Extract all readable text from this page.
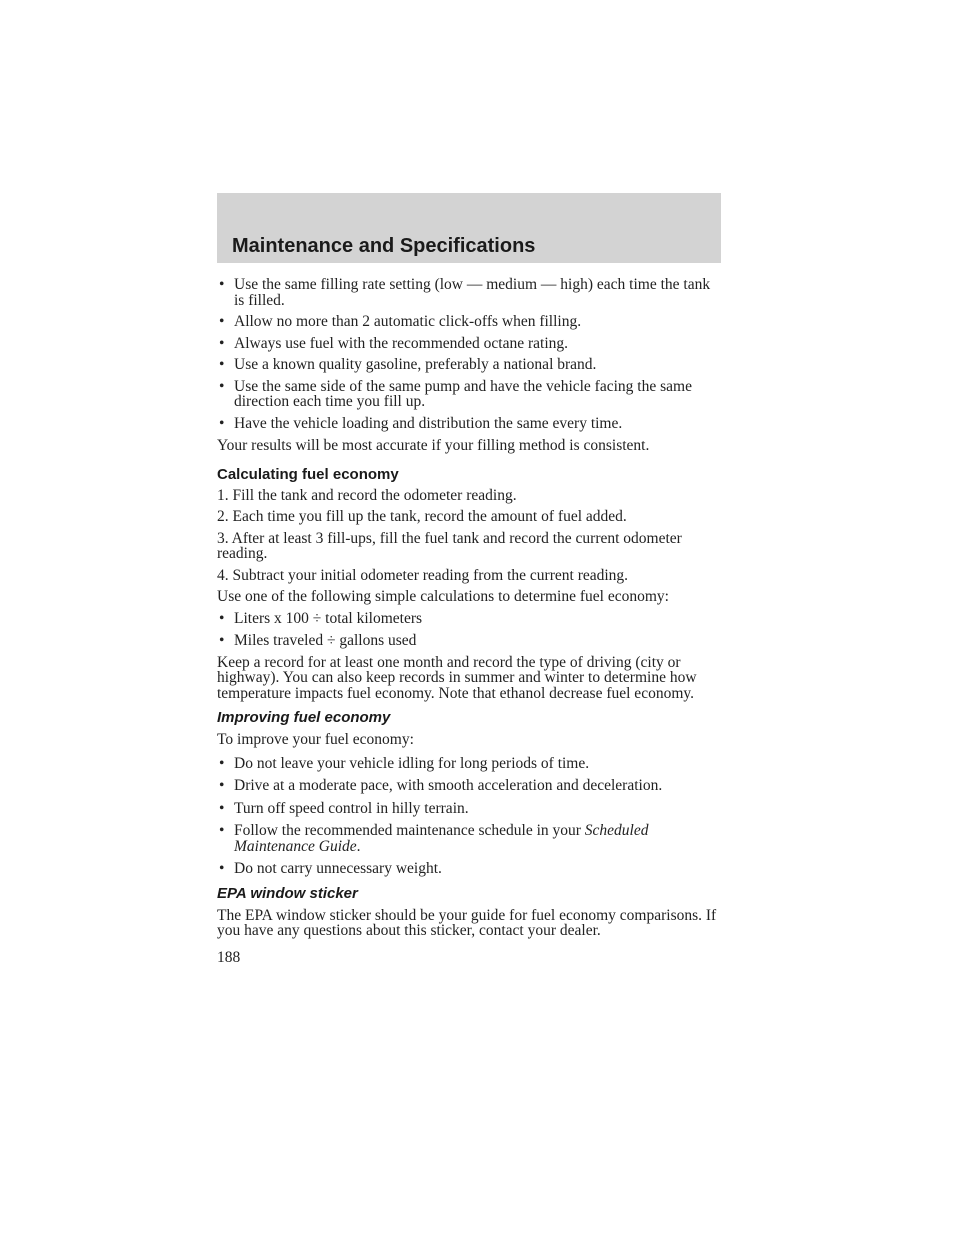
Maintenance and Specifications
• Use the same filling rate setting (low — medium — high) each time the tank is filled.
• Allow no more than 2 automatic click-offs when filling.
• Always use fuel with the recommended octane rating.
• Use a known quality gasoline, preferably a national brand.
• Use the same side of the same pump and have the vehicle facing the same direction each time you fill up.
• Have the vehicle loading and distribution the same every time.

Your results will be most accurate if your filling method is consistent.

Calculating fuel economy

1. Fill the tank and record the odometer reading.

2. Each time you fill up the tank, record the amount of fuel added.

3. After at least 3 fill-ups, fill the fuel tank and record the current odometer reading.

4. Subtract your initial odometer reading from the current reading.

Use one of the following simple calculations to determine fuel economy:

• Liters x 100 ÷ total kilometers
• Miles traveled ÷ gallons used

Keep a record for at least one month and record the type of driving (city or highway). You can also keep records in summer and winter to determine how temperature impacts fuel economy. Note that ethanol decrease fuel economy.

Improving fuel economy

To improve your fuel economy:

• Do not leave your vehicle idling for long periods of time.
• Drive at a moderate pace, with smooth acceleration and deceleration.
• Turn off speed control in hilly terrain.
• Follow the recommended maintenance schedule in your Scheduled Maintenance Guide.
• Do not carry unnecessary weight.
EPA window sticker

The EPA window sticker should be your guide for fuel economy comparisons. If you have any questions about this sticker, contact your dealer.

188
